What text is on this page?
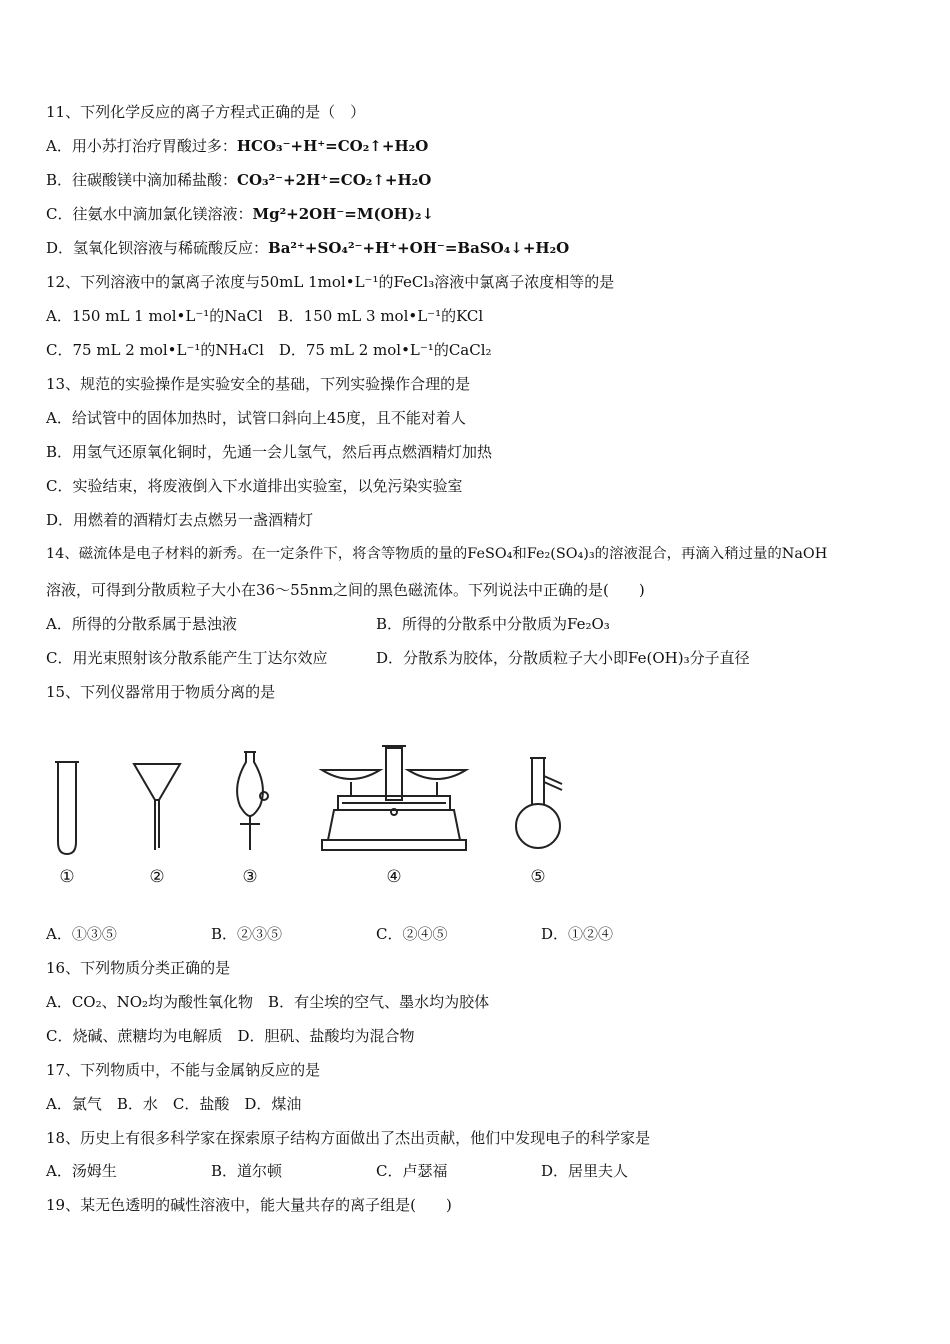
11、下列化学反应的离子方程式正确的是（　）
A．用小苏打治疗胃酸过多：HCO₃⁻+H⁺=CO₂↑+H₂O
B．往碳酸镁中滴加稀盐酸：CO₃²⁻+2H⁺=CO₂↑+H₂O
C．往氨水中滴加氯化镁溶液：Mg²+2OH⁻=M(OH)₂↓
D．氢氧化钡溶液与稀硫酸反应：Ba²⁺+SO₄²⁻+H⁺+OH⁻=BaSO₄↓+H₂O
12、下列溶液中的氯离子浓度与50mL 1mol•L⁻¹的FeCl₃溶液中氯离子浓度相等的是
A．150 mL 1 mol•L⁻¹的NaCl　B．150 mL 3 mol•L⁻¹的KCl
C．75 mL 2 mol•L⁻¹的NH₄Cl　D．75 mL 2 mol•L⁻¹的CaCl₂
13、规范的实验操作是实验安全的基础，下列实验操作合理的是
A．给试管中的固体加热时，试管口斜向上45度，且不能对着人
B．用氢气还原氧化铜时，先通一会儿氢气，然后再点燃酒精灯加热
C．实验结束，将废液倒入下水道排出实验室，以免污染实验室
D．用燃着的酒精灯去点燃另一盏酒精灯
14、磁流体是电子材料的新秀。在一定条件下，将含等物质的量的FeSO₄和Fe₂(SO₄)₃的溶液混合，再滴入稍过量的NaOH
溶液，可得到分散质粒子大小在36～55nm之间的黑色磁流体。下列说法中正确的是(　　)
A．所得的分散系属于悬浊液	B．所得的分散系中分散质为Fe₂O₃
C．用光束照射该分散系能产生丁达尔效应	D．分散系为胶体，分散质粒子大小即Fe(OH)₃分子直径
15、下列仪器常用于物质分离的是
①	②	③	④	⑤
A．①③⑤	B．②③⑤	C．②④⑤	D．①②④
16、下列物质分类正确的是
A．CO₂、NO₂均为酸性氧化物　B．有尘埃的空气、墨水均为胶体
C．烧碱、蔗糖均为电解质　D．胆矾、盐酸均为混合物
17、下列物质中，不能与金属钠反应的是
A．氯气　B．水　C．盐酸　D．煤油
18、历史上有很多科学家在探索原子结构方面做出了杰出贡献，他们中发现电子的科学家是
A．汤姆生	B．道尔顿	C．卢瑟福	D．居里夫人
19、某无色透明的碱性溶液中，能大量共存的离子组是(　　)
